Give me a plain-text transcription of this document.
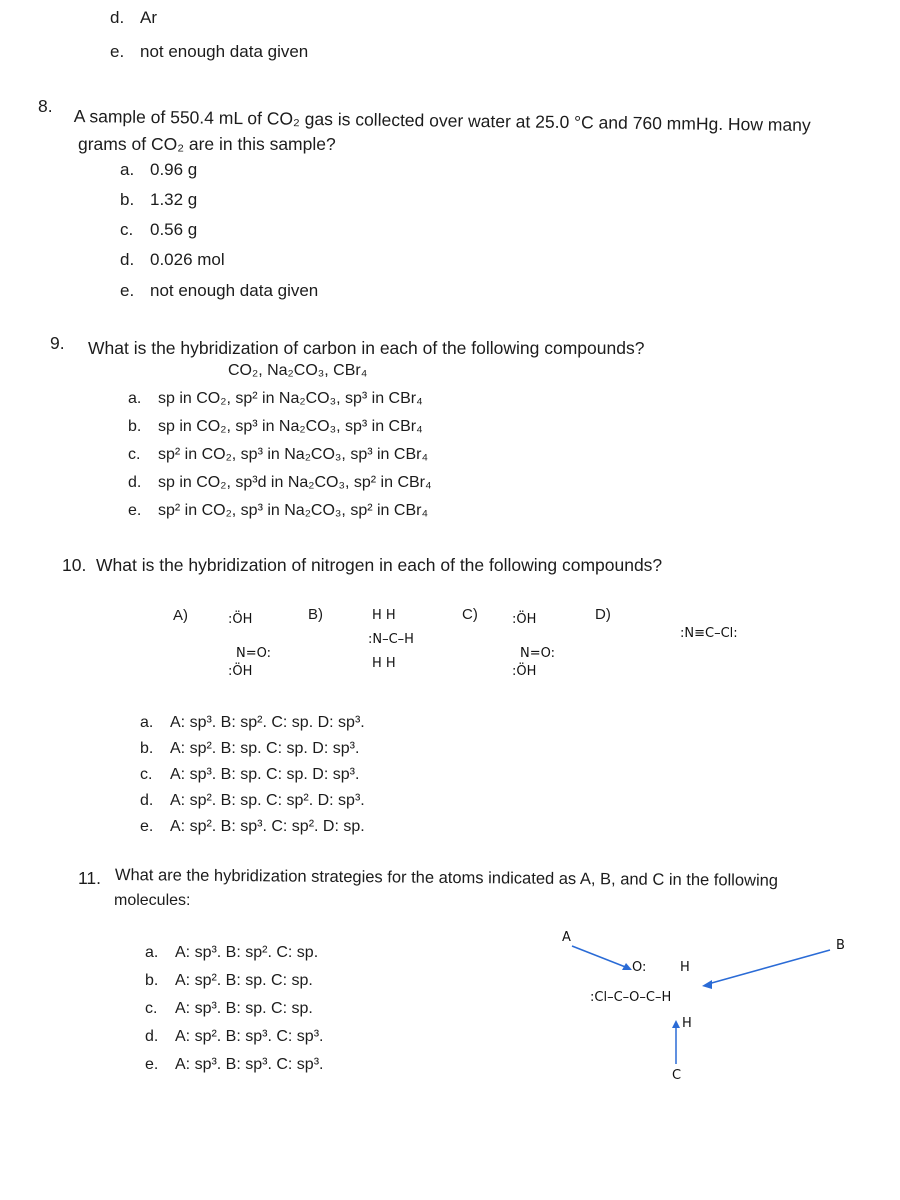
d. Ar
e. not enough data given
8. A sample of 550.4 mL of CO₂ gas is collected over water at 25.0 °C and 760 mmHg. How many
grams of CO₂ are in this sample?
a. 0.96 g
b. 1.32 g
c. 0.56 g
d. 0.026 mol
e. not enough data given
9. What is the hybridization of carbon in each of the following compounds?
CO₂, Na₂CO₃, CBr₄
a. sp in CO₂, sp² in Na₂CO₃, sp³ in CBr₄
b. sp in CO₂, sp³ in Na₂CO₃, sp³ in CBr₄
c. sp² in CO₂, sp³ in Na₂CO₃, sp³ in CBr₄
d. sp in CO₂, sp³d in Na₂CO₃, sp² in CBr₄
e. sp² in CO₂, sp³ in Na₂CO₃, sp² in CBr₄
10. What is the hybridization of nitrogen in each of the following compounds?
A)	:ÖH
N=O:
:ÖH
B)	H H
:N–C–H
H H
C)	:ÖH
N=O:
:ÖH
D)
:N≡C–Cl:
a. A: sp³. B: sp². C: sp. D: sp³.
b. A: sp². B: sp. C: sp. D: sp³.
c. A: sp³. B: sp. C: sp. D: sp³.
d. A: sp². B: sp. C: sp². D: sp³.
e. A: sp². B: sp³. C: sp². D: sp.
11. What are the hybridization strategies for the atoms indicated as A, B, and C in the following
molecules:
a. A: sp³. B: sp². C: sp.
b. A: sp². B: sp. C: sp.
c. A: sp³. B: sp. C: sp.
d. A: sp². B: sp³. C: sp³.
e. A: sp³. B: sp³. C: sp³.
A
B
O:	H
:Cl–C–O–C–H
H
C
